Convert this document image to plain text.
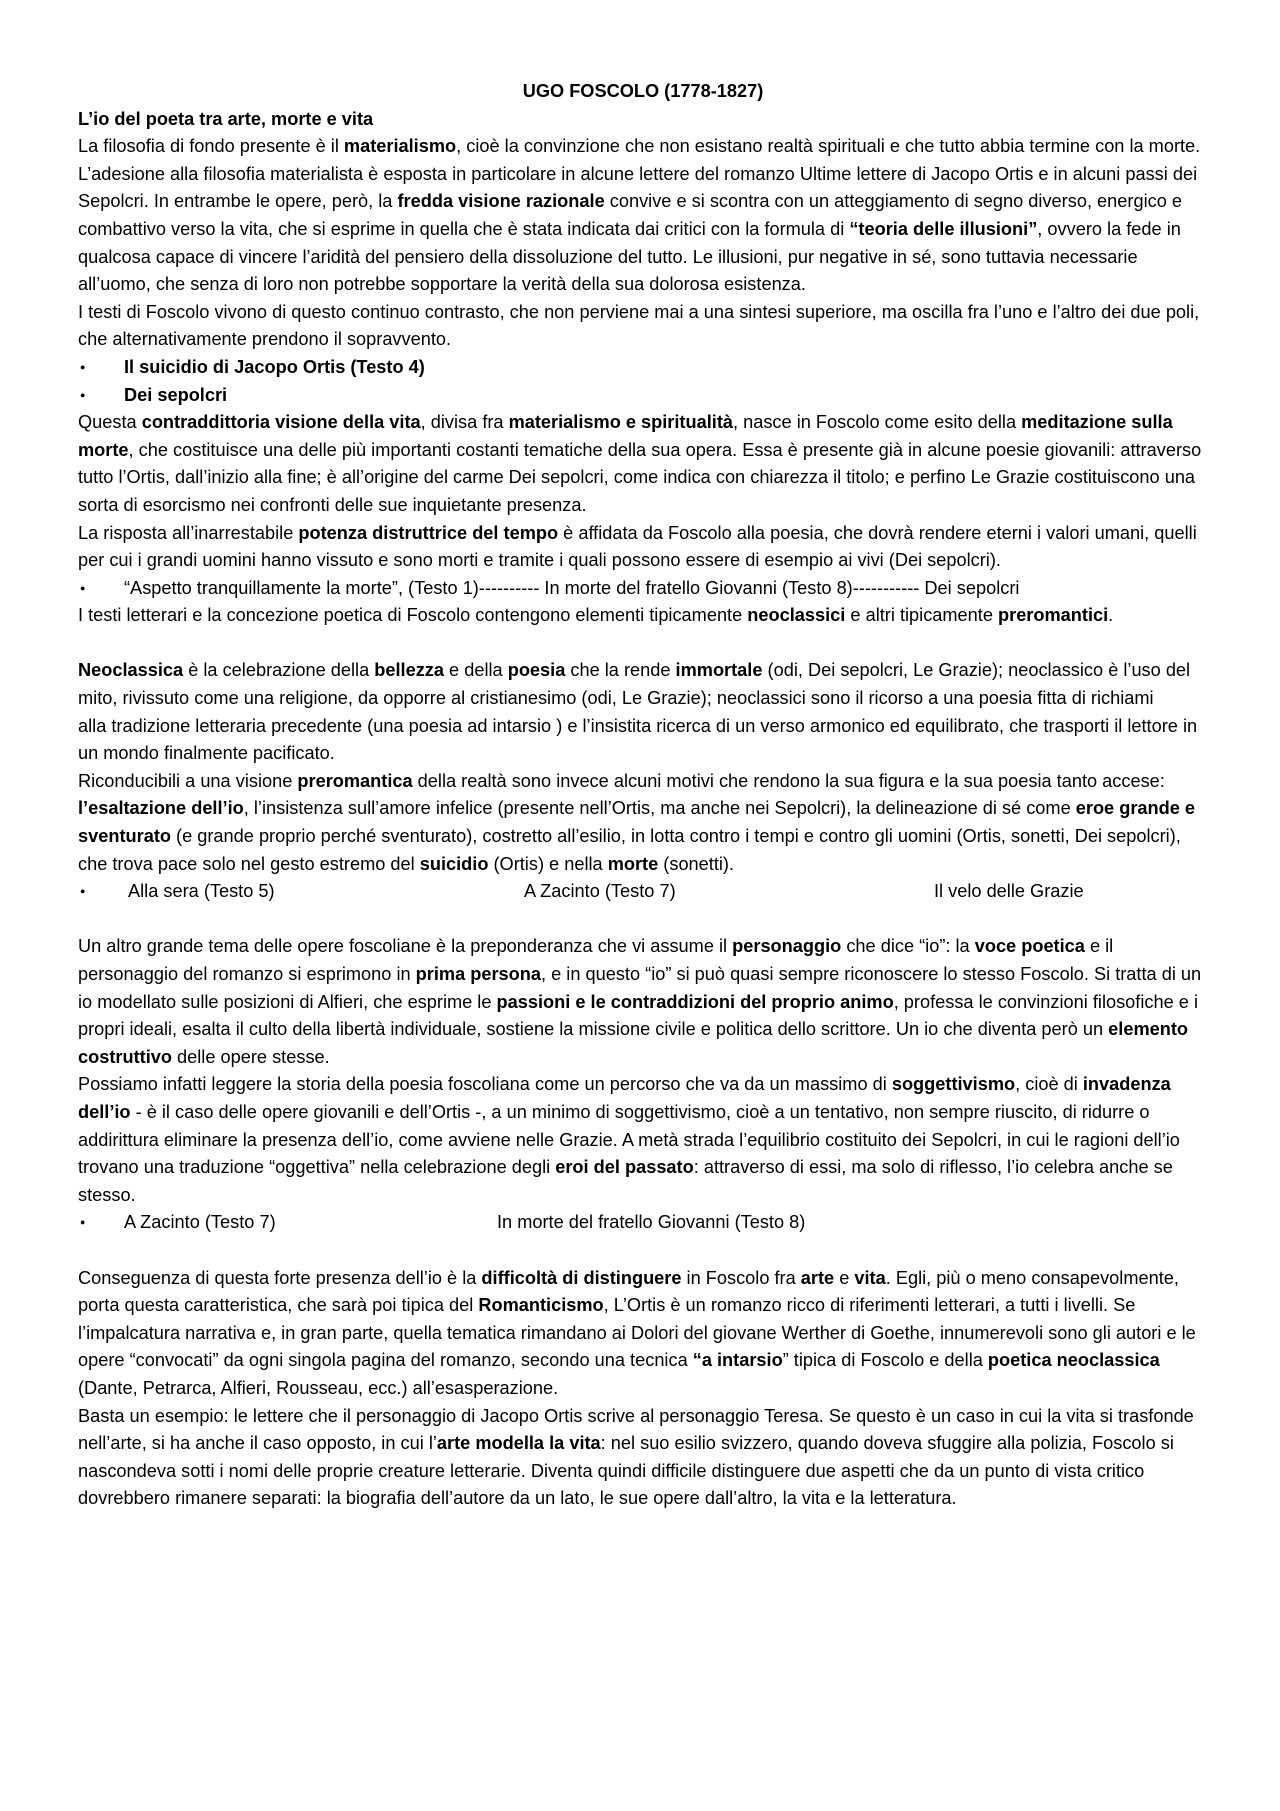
UGO FOSCOLO (1778-1827)
L’io del poeta tra arte, morte e vita

La filosofia di fondo presente è il materialismo, cioè la convinzione che non esistano realtà spirituali e che tutto abbia termine con la morte.

L’adesione alla filosofia materialista è esposta in particolare in alcune lettere del romanzo Ultime lettere di Jacopo Ortis e in alcuni passi dei Sepolcri. In entrambe le opere, però, la fredda visione razionale convive e si scontra con un atteggiamento di segno diverso, energico e combattivo verso la vita, che si esprime in quella che è stata indicata dai critici con la formula di “teoria delle illusioni”, ovvero la fede in qualcosa capace di vincere l’aridità del pensiero della dissoluzione del tutto. Le illusioni, pur negative in sé, sono tuttavia necessarie all’uomo, che senza di loro non potrebbe sopportare la verità della sua dolorosa esistenza.

I testi di Foscolo vivono di questo continuo contrasto, che non perviene mai a una sintesi superiore, ma oscilla fra l’uno e l’altro dei due poli, che alternativamente prendono il sopravvento.

● Il suicidio di Jacopo Ortis (Testo 4)
● Dei sepolcri

Questa contraddittoria visione della vita, divisa fra materialismo e spiritualità, nasce in Foscolo come esito della meditazione sulla morte, che costituisce una delle più importanti costanti tematiche della sua opera. Essa è presente già in alcune poesie giovanili: attraverso tutto l’Ortis, dall’inizio alla fine; è all’origine del carme Dei sepolcri, come indica con chiarezza il titolo; e perfino Le Grazie costituiscono una sorta di esorcismo nei confronti delle sue inquietante presenza.

La risposta all’inarrestabile potenza distruttrice del tempo è affidata da Foscolo alla poesia, che dovrà rendere eterni i valori umani, quelli per cui i grandi uomini hanno vissuto e sono morti e tramite i quali possono essere di esempio ai vivi (Dei sepolcri).

● “Aspetto tranquillamente la morte”, (Testo 1)---------- In morte del fratello Giovanni (Testo 8)----------- Dei sepolcri

I testi letterari e la concezione poetica di Foscolo contengono elementi tipicamente neoclassici e altri tipicamente preromantici.

Neoclassica è la celebrazione della bellezza e della poesia che la rende immortale (odi, Dei sepolcri, Le Grazie); neoclassico è l’uso del mito, rivissuto come una religione, da opporre al cristianesimo (odi, Le Grazie); neoclassici sono il ricorso a una poesia fitta di richiami

alla tradizione letteraria precedente (una poesia ad intarsio ) e l’insistita ricerca di un verso armonico ed equilibrato, che trasporti il lettore in un mondo finalmente pacificato.

Riconducibili a una visione preromantica della realtà sono invece alcuni motivi che rendono la sua figura e la sua poesia tanto accese: l’esaltazione dell’io, l’insistenza sull’amore infelice (presente nell’Ortis, ma anche nei Sepolcri), la delineazione di sé come eroe grande e sventurato (e grande proprio perché sventurato), costretto all’esilio, in lotta contro i tempi e contro gli uomini (Ortis, sonetti, Dei sepolcri), che trova pace solo nel gesto estremo del suicidio (Ortis) e nella morte (sonetti).

● Alla sera (Testo 5)	A Zacinto (Testo 7)	Il velo delle Grazie

Un altro grande tema delle opere foscoliane è la preponderanza che vi assume il personaggio che dice “io”: la voce poetica e il personaggio del romanzo si esprimono in prima persona, e in questo “io” si può quasi sempre riconoscere lo stesso Foscolo. Si tratta di un io modellato sulle posizioni di Alfieri, che esprime le passioni e le contraddizioni del proprio animo, professa le convinzioni filosofiche e i propri ideali, esalta il culto della libertà individuale, sostiene la missione civile e politica dello scrittore. Un io che diventa però un elemento costruttivo delle opere stesse.

Possiamo infatti leggere la storia della poesia foscoliana come un percorso che va da un massimo di soggettivismo, cioè di invadenza dell’io - è il caso delle opere giovanili e dell’Ortis -, a un minimo di soggettivismo, cioè a un tentativo, non sempre riuscito, di ridurre o addirittura eliminare la presenza dell’io, come avviene nelle Grazie. A metà strada l’equilibrio costituito dei Sepolcri, in cui le ragioni dell’io trovano una traduzione “oggettiva” nella celebrazione degli eroi del passato: attraverso di essi, ma solo di riflesso, l’io celebra anche se stesso.

● A Zacinto (Testo 7)	In morte del fratello Giovanni (Testo 8)

Conseguenza di questa forte presenza dell’io è la difficoltà di distinguere in Foscolo fra arte e vita. Egli, più o meno consapevolmente, porta questa caratteristica, che sarà poi tipica del Romanticismo, L’Ortis è un romanzo ricco di riferimenti letterari, a tutti i livelli. Se l’impalcatura narrativa e, in gran parte, quella tematica rimandano ai Dolori del giovane Werther di Goethe, innumerevoli sono gli autori e le opere “convocati” da ogni singola pagina del romanzo, secondo una tecnica “a intarsio” tipica di Foscolo e della poetica neoclassica (Dante, Petrarca, Alfieri, Rousseau, ecc.) all’esasperazione.

Basta un esempio: le lettere che il personaggio di Jacopo Ortis scrive al personaggio Teresa. Se questo è un caso in cui la vita si trasfonde nell’arte, si ha anche il caso opposto, in cui l’arte modella la vita: nel suo esilio svizzero, quando doveva sfuggire alla polizia, Foscolo si nascondeva sotti i nomi delle proprie creature letterarie. Diventa quindi difficile distinguere due aspetti che da un punto di vista critico dovrebbero rimanere separati: la biografia dell’autore da un lato, le sue opere dall’altro, la vita e la letteratura.
